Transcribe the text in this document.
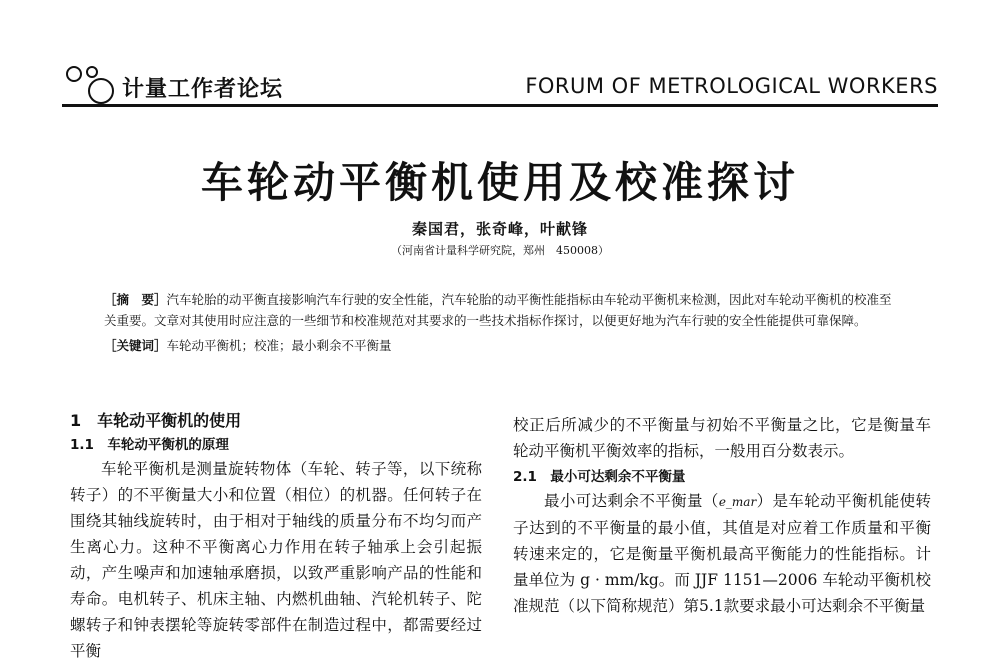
计量工作者论坛	FORUM OF METROLOGICAL WORKERS
车轮动平衡机使用及校准探讨
秦国君，张奇峰，叶献锋
（河南省计量科学研究院，郑州　450008）

［摘　要］汽车轮胎的动平衡直接影响汽车行驶的安全性能，汽车轮胎的动平衡性能指标由车轮动平衡机来检测，因此对车轮动平衡机的校准至关重要。文章对其使用时应注意的一些细节和校准规范对其要求的一些技术指标作探讨，以便更好地为汽车行驶的安全性能提供可靠保障。

［关键词］车轮动平衡机；校准；最小剩余不平衡量

1　车轮动平衡机的使用
1.1　车轮动平衡机的原理

车轮平衡机是测量旋转物体（车轮、转子等，以下统称转子）的不平衡量大小和位置（相位）的机器。任何转子在围绕其轴线旋转时，由于相对于轴线的质量分布不均匀而产生离心力。这种不平衡离心力作用在转子轴承上会引起振动，产生噪声和加速轴承磨损，以致严重影响产品的性能和寿命。电机转子、机床主轴、内燃机曲轴、汽轮机转子、陀螺转子和钟表摆轮等旋转零部件在制造过程中，都需要经过平衡

校正后所减少的不平衡量与初始不平衡量之比，它是衡量车轮动平衡机平衡效率的指标，一般用百分数表示。

2.1　最小可达剩余不平衡量

最小可达剩余不平衡量（e_mar）是车轮动平衡机能使转子达到的不平衡量的最小值，其值是对应着工作质量和平衡转速来定的，它是衡量平衡机最高平衡能力的性能指标。计量单位为 g · mm/kg。而 JJF 1151—2006 车轮动平衡机校准规范（以下简称规范）第5.1款要求最小可达剩余不平衡量
